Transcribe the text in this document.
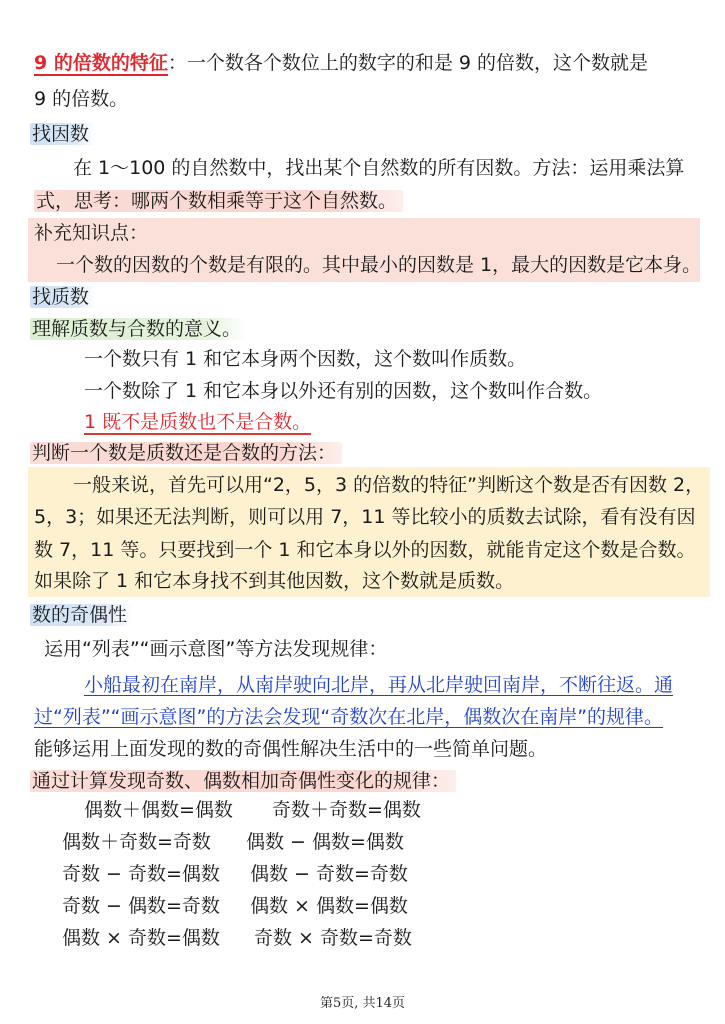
9 的倍数的特征：一个数各个数位上的数字的和是 9 的倍数，这个数就是
9 的倍数。
找因数
在 1～100 的自然数中，找出某个自然数的所有因数。方法：运用乘法算
式，思考：哪两个数相乘等于这个自然数。
补充知识点：
一个数的因数的个数是有限的。其中最小的因数是 1，最大的因数是它本身。
找质数
理解质数与合数的意义。
一个数只有 1 和它本身两个因数，这个数叫作质数。
一个数除了 1 和它本身以外还有别的因数，这个数叫作合数。
1 既不是质数也不是合数。
判断一个数是质数还是合数的方法：
一般来说，首先可以用“2，5，3 的倍数的特征”判断这个数是否有因数 2，
5，3；如果还无法判断，则可以用 7，11 等比较小的质数去试除，看有没有因
数 7，11 等。只要找到一个 1 和它本身以外的因数，就能肯定这个数是合数。
如果除了 1 和它本身找不到其他因数，这个数就是质数。
数的奇偶性
运用“列表”“画示意图”等方法发现规律：
小船最初在南岸，从南岸驶向北岸，再从北岸驶回南岸，不断往返。通
过“列表”“画示意图”的方法会发现“奇数次在北岸，偶数次在南岸”的规律。
能够运用上面发现的数的奇偶性解决生活中的一些简单问题。
通过计算发现奇数、偶数相加奇偶性变化的规律：
偶数＋偶数=偶数 奇数＋奇数=偶数
偶数＋奇数=奇数 偶数 − 偶数=偶数
奇数 − 奇数=偶数 偶数 − 奇数=奇数
奇数 − 偶数=奇数 偶数 × 偶数=偶数
偶数 × 奇数=偶数 奇数 × 奇数=奇数
第5页, 共14页
